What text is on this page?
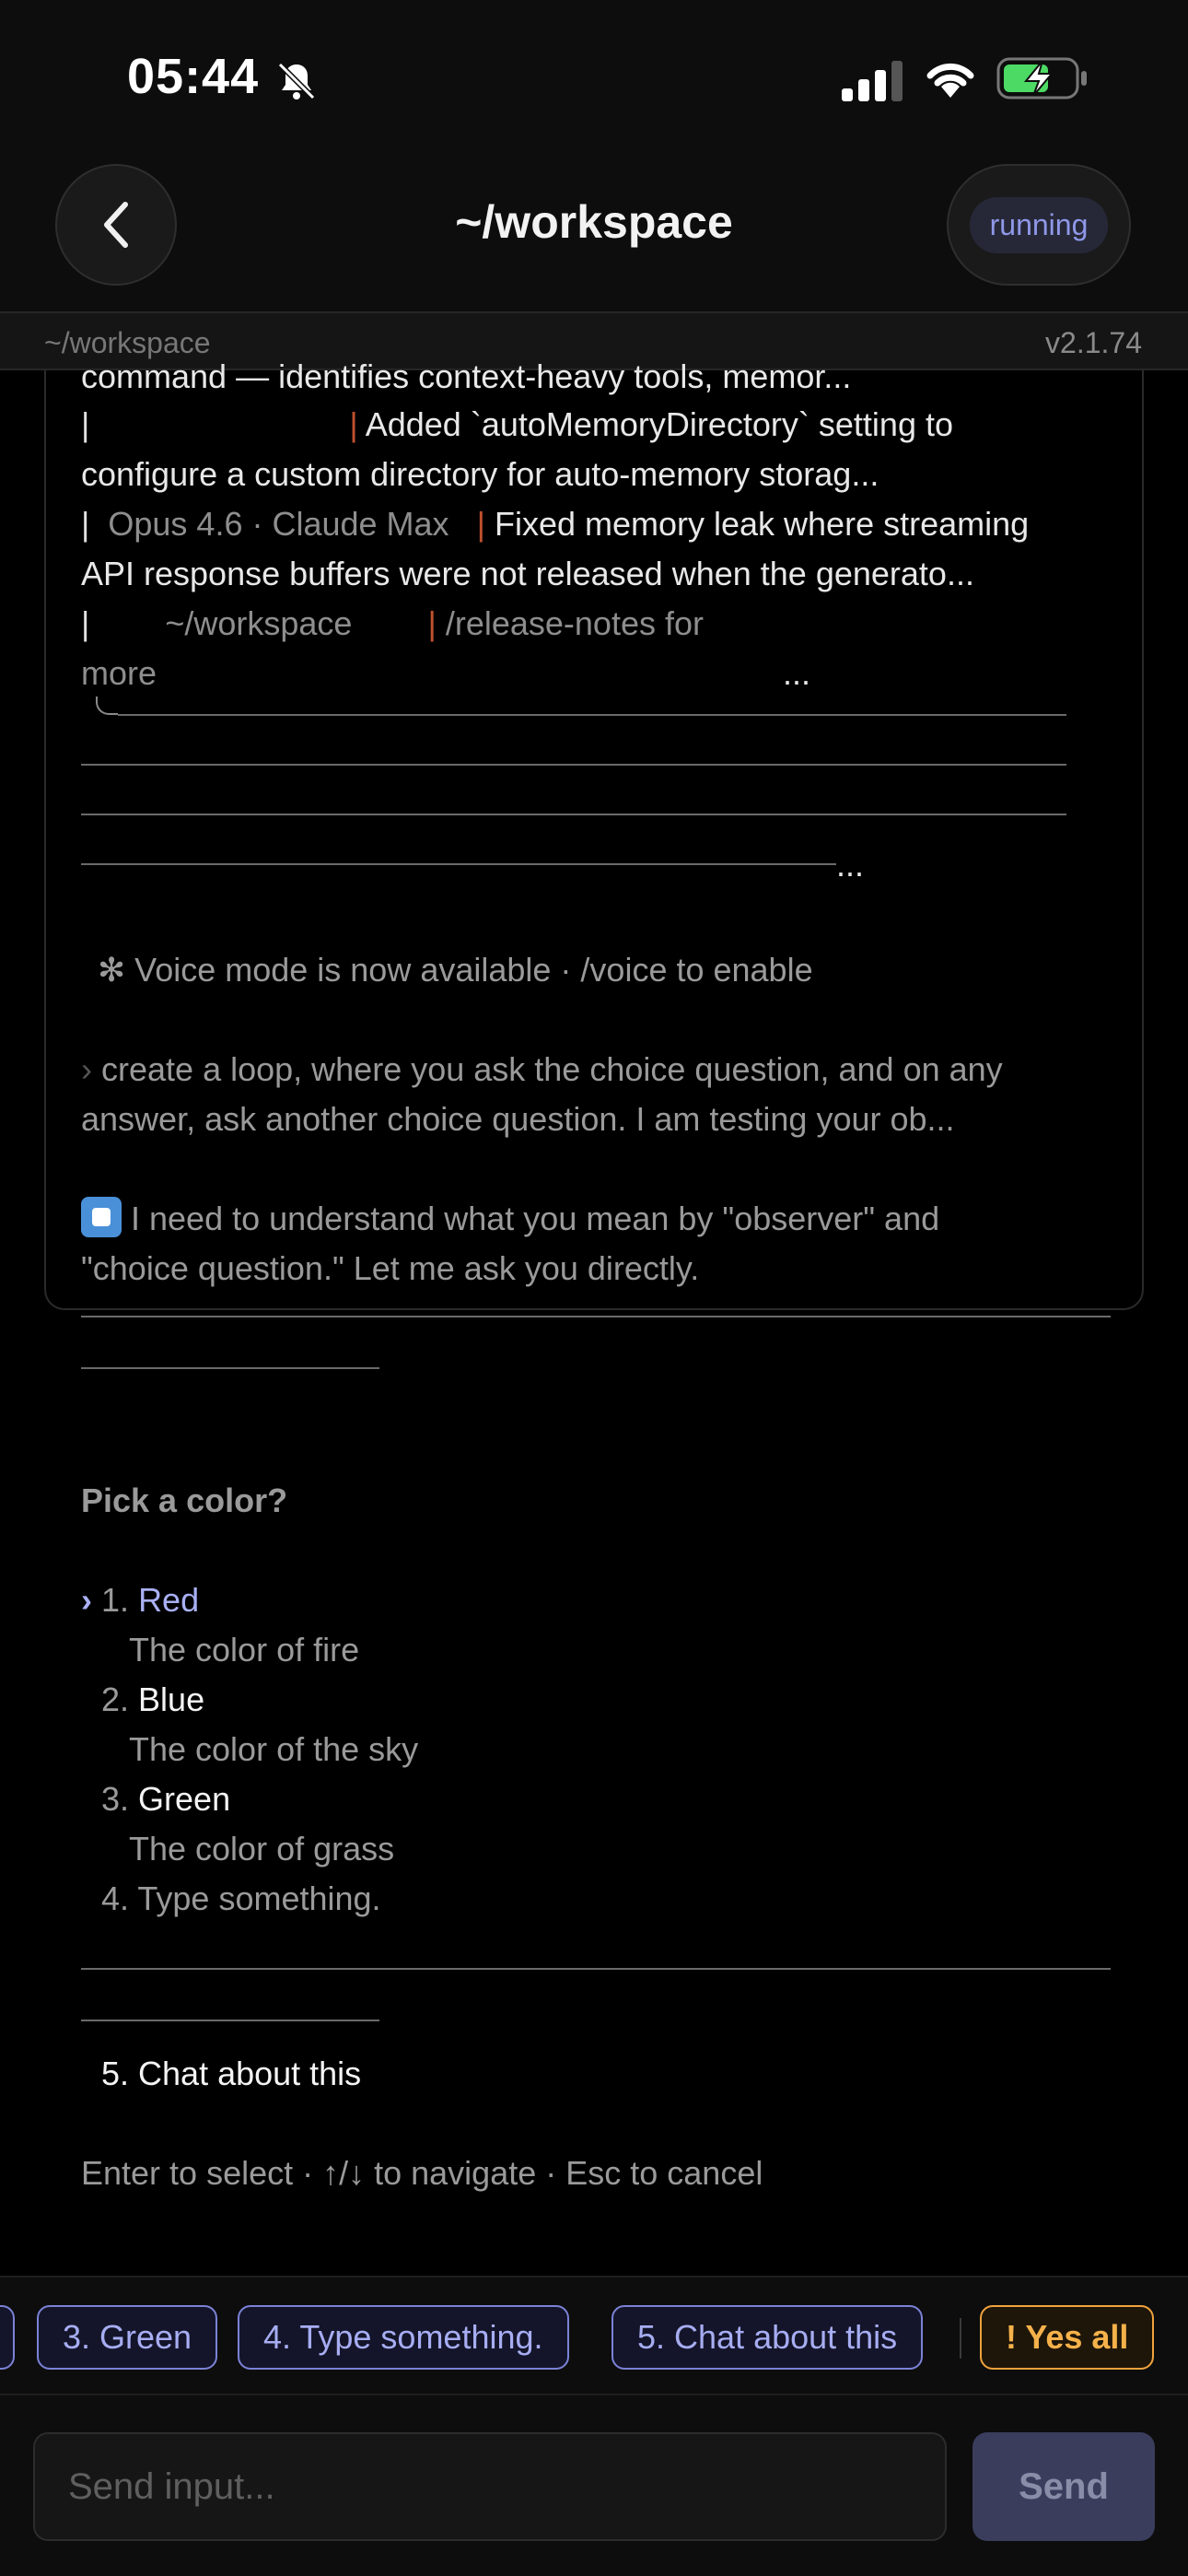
05:44
~/workspace	running
~/workspace	v2.1.74
command — identifies context-heavy tools, memor...
|	| Added `autoMemoryDirectory` setting to
configure a custom directory for auto-memory storag...
| Opus 4.6 · Claude Max | Fixed memory leak where streaming
API response buffers were not released when the generato...
| ~/workspace | /release-notes for
more	...
...
✻ Voice mode is now available · /voice to enable
› create a loop, where you ask the choice question, and on any
answer, ask another choice question. I am testing your ob...
I need to understand what you mean by "observer" and
"choice question." Let me ask you directly.
Pick a color?
› 1. Red
The color of fire
2. Blue
The color of the sky
3. Green
The color of grass
4. Type something.
5. Chat about this
Enter to select · ↑/↓ to navigate · Esc to cancel
3. Green	4. Type something.	5. Chat about this	! Yes all
Send input...
Send
